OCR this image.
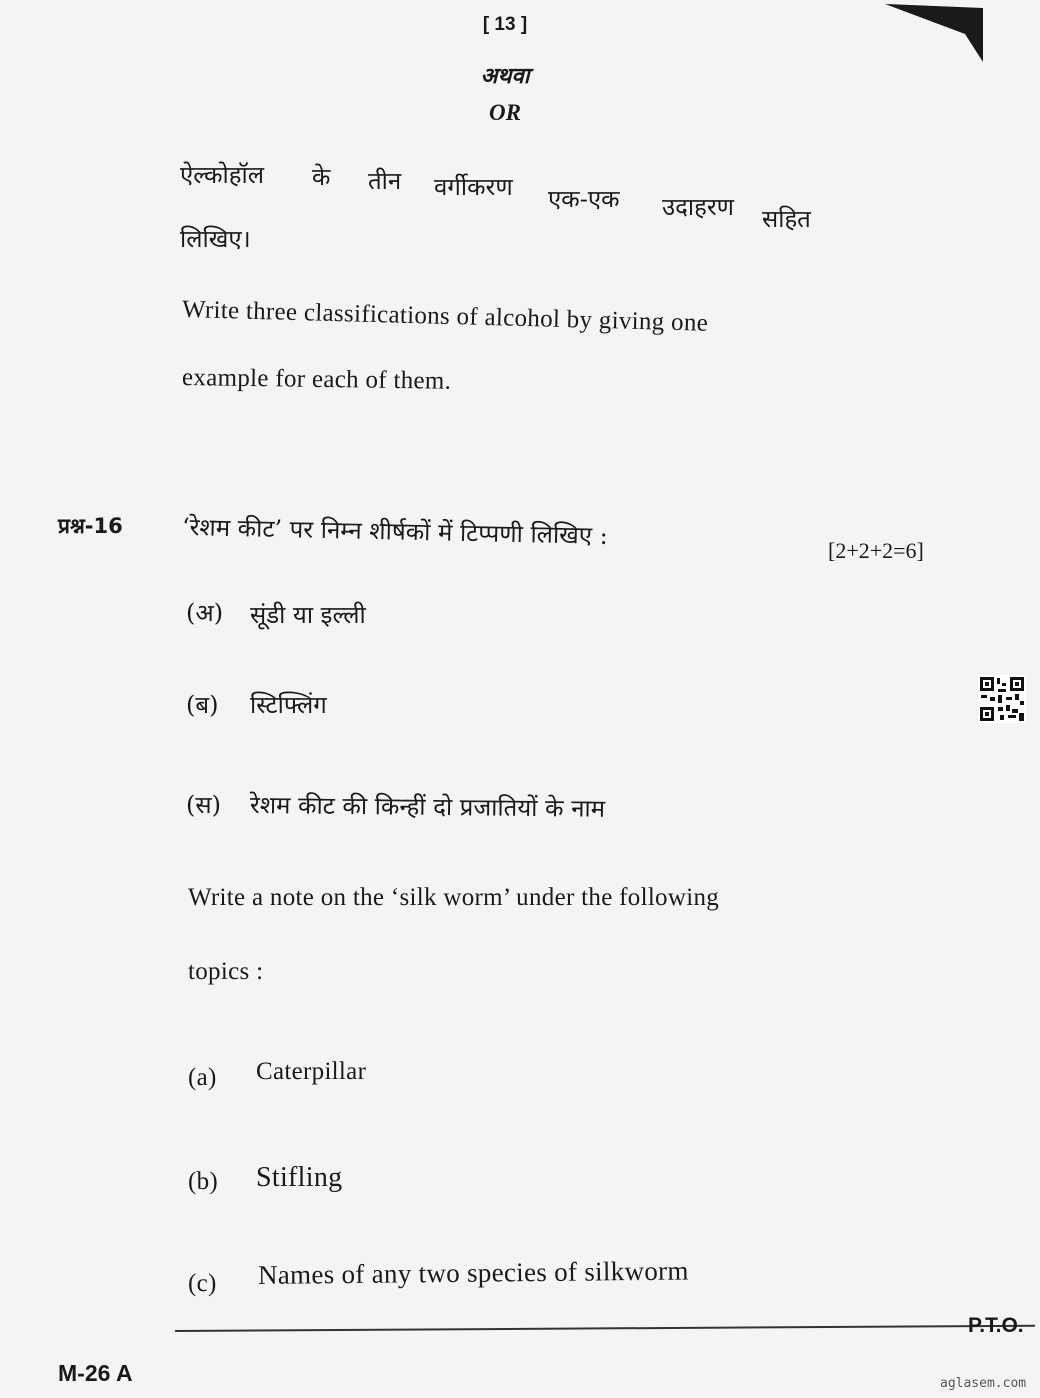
[ 13 ]
अथवा
OR
ऐल्कोहॉल के तीन वर्गीकरण एक-एक उदाहरण सहित
लिखिए।
Write three classifications of alcohol by giving one
example for each of them.
प्रश्न-16 ‘रेशम कीट’ पर निम्न शीर्षकों में टिप्पणी लिखिए :
[2+2+2=6]
(अ) सूंडी या इल्ली
(ब) स्टिफ्लिंग
(स) रेशम कीट की किन्हीं दो प्रजातियों के नाम
Write a note on the ‘silk worm’ under the following
topics :
(a) Caterpillar
(b) Stifling
(c) Names of any two species of silkworm
P.T.O.
M-26 A	aglasem.com
